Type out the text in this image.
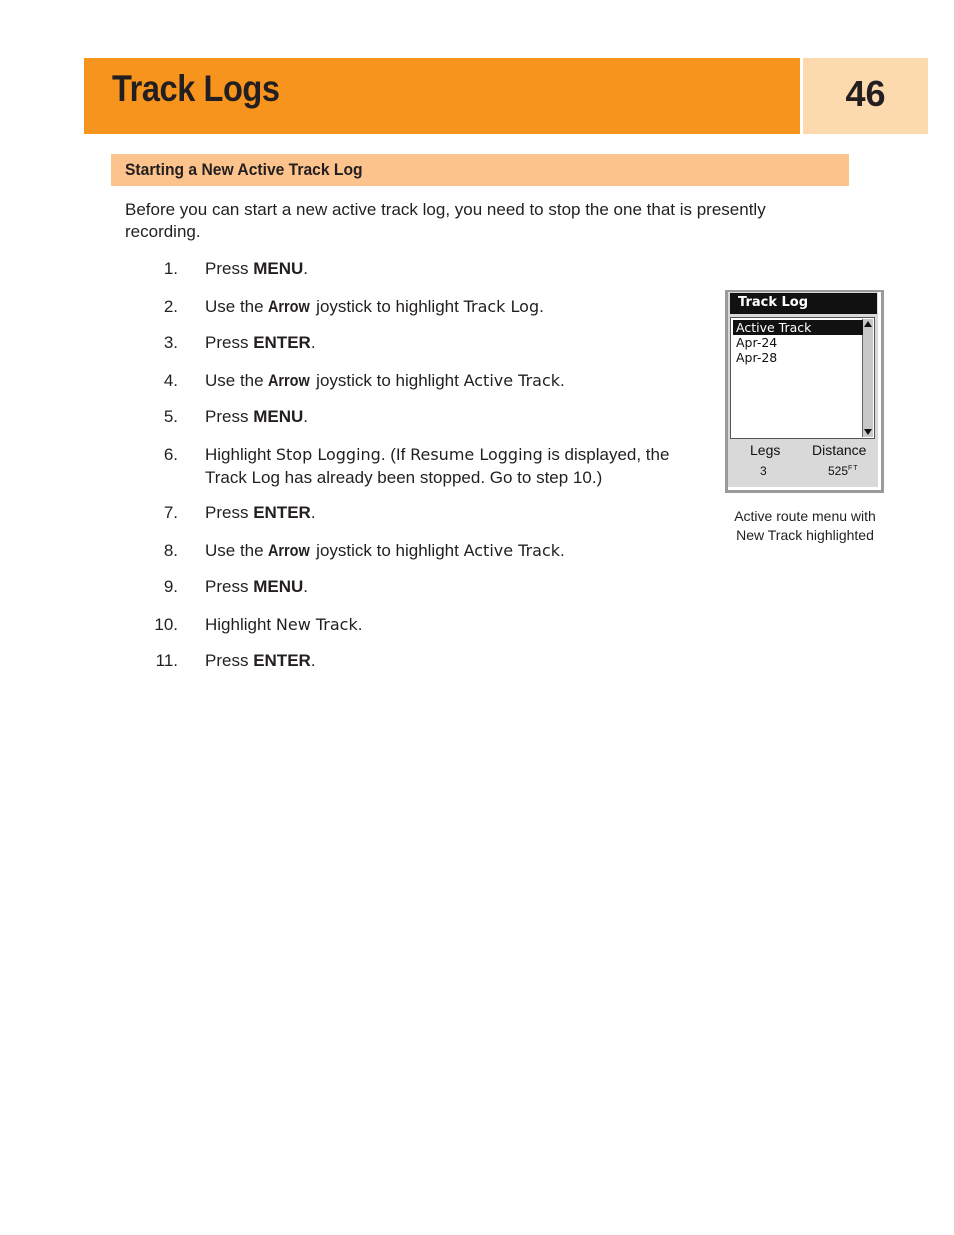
Track Logs	46
Starting a New Active Track Log
Before you can start a new active track log, you need to stop the one that is presently recording.
1. Press MENU.
2. Use the Arrow joystick to highlight Track Log.
3. Press ENTER.
4. Use the Arrow joystick to highlight Active Track.
5. Press MENU.
6. Highlight Stop Logging. (If Resume Logging is displayed, the Track Log has already been stopped. Go to step 10.)
7. Press ENTER.
8. Use the Arrow joystick to highlight Active Track.
9. Press MENU.
10. Highlight New Track.
11. Press ENTER.
Track Log
Active Track
Apr-24
Apr-28
Legs Distance
3	$525^{FT}$
Active route menu with
New Track highlighted
